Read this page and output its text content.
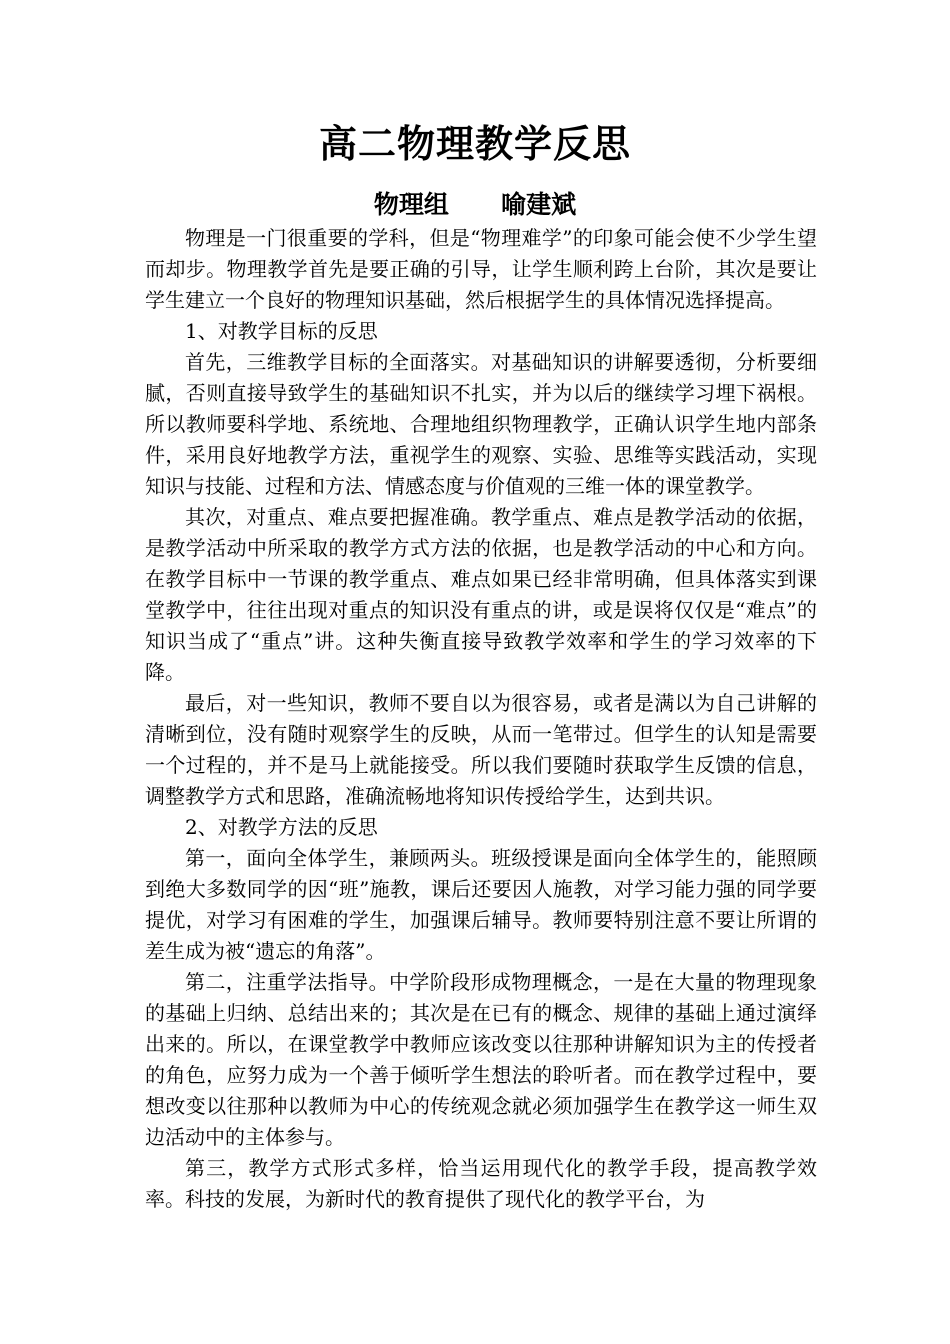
高二物理教学反思
物理组      喻建斌

物理是一门很重要的学科，但是“物理难学”的印象可能会使不少学生望而却步。物理教学首先是要正确的引导，让学生顺利跨上台阶，其次是要让学生建立一个良好的物理知识基础，然后根据学生的具体情况选择提高。

1、对教学目标的反思

首先，三维教学目标的全面落实。对基础知识的讲解要透彻，分析要细腻，否则直接导致学生的基础知识不扎实，并为以后的继续学习埋下祸根。所以教师要科学地、系统地、合理地组织物理教学，正确认识学生地内部条件，采用良好地教学方法，重视学生的观察、实验、思维等实践活动，实现知识与技能、过程和方法、情感态度与价值观的三维一体的课堂教学。

其次，对重点、难点要把握准确。教学重点、难点是教学活动的依据，是教学活动中所采取的教学方式方法的依据，也是教学活动的中心和方向。在教学目标中一节课的教学重点、难点如果已经非常明确，但具体落实到课堂教学中，往往出现对重点的知识没有重点的讲，或是误将仅仅是“难点”的知识当成了“重点”讲。这种失衡直接导致教学效率和学生的学习效率的下降。

最后，对一些知识，教师不要自以为很容易，或者是满以为自己讲解的清晰到位，没有随时观察学生的反映，从而一笔带过。但学生的认知是需要一个过程的，并不是马上就能接受。所以我们要随时获取学生反馈的信息，调整教学方式和思路，准确流畅地将知识传授给学生，达到共识。

2、对教学方法的反思

第一，面向全体学生，兼顾两头。班级授课是面向全体学生的，能照顾到绝大多数同学的因“班”施教，课后还要因人施教，对学习能力强的同学要提优，对学习有困难的学生，加强课后辅导。教师要特别注意不要让所谓的差生成为被“遗忘的角落”。

第二，注重学法指导。中学阶段形成物理概念，一是在大量的物理现象的基础上归纳、总结出来的；其次是在已有的概念、规律的基础上通过演绎出来的。所以，在课堂教学中教师应该改变以往那种讲解知识为主的传授者的角色，应努力成为一个善于倾听学生想法的聆听者。而在教学过程中，要想改变以往那种以教师为中心的传统观念就必须加强学生在教学这一师生双边活动中的主体参与。

第三，教学方式形式多样，恰当运用现代化的教学手段，提高教学效率。科技的发展，为新时代的教育提供了现代化的教学平台，为
